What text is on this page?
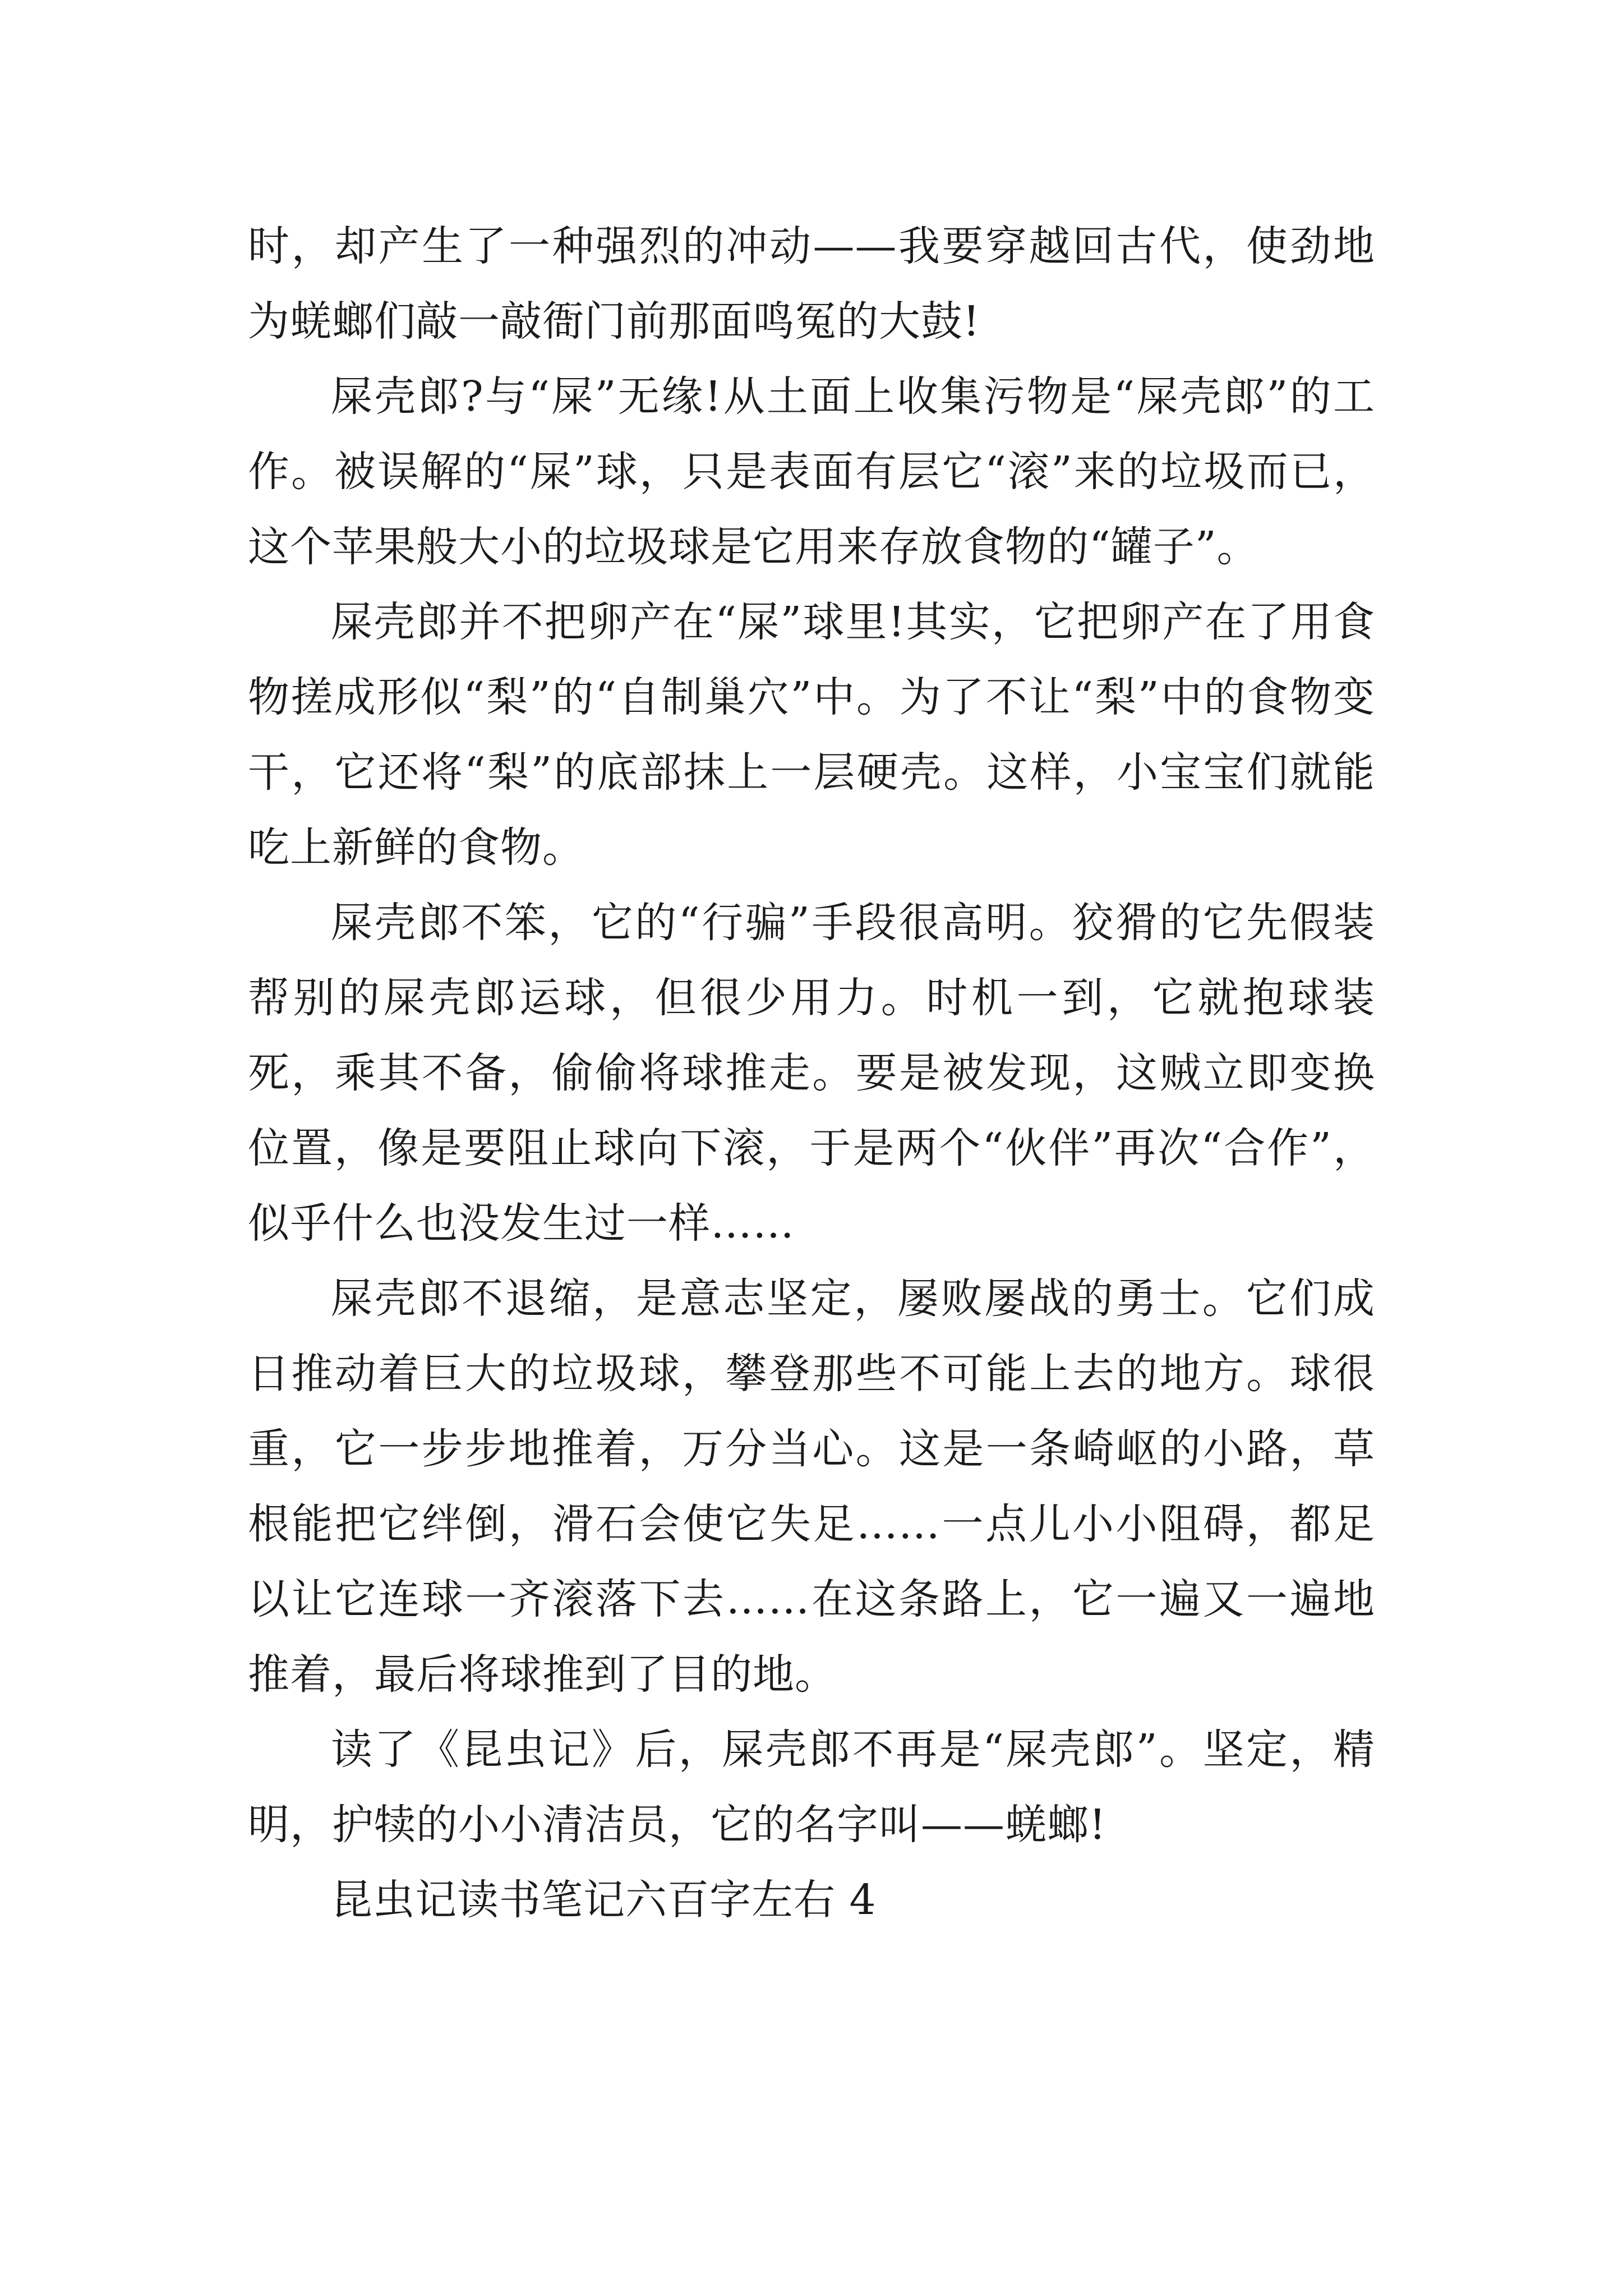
时，却产生了一种强烈的冲动——我要穿越回古代，使劲地为蜣螂们敲一敲衙门前那面鸣冤的大鼓!

屎壳郎?与“屎”无缘!从土面上收集污物是“屎壳郎”的工作。被误解的“屎”球，只是表面有层它“滚”来的垃圾而已，这个苹果般大小的垃圾球是它用来存放食物的“罐子”。

屎壳郎并不把卵产在“屎”球里!其实，它把卵产在了用食物搓成形似“梨”的“自制巢穴”中。为了不让“梨”中的食物变干，它还将“梨”的底部抹上一层硬壳。这样，小宝宝们就能吃上新鲜的食物。

屎壳郎不笨，它的“行骗”手段很高明。狡猾的它先假装帮别的屎壳郎运球，但很少用力。时机一到，它就抱球装死，乘其不备，偷偷将球推走。要是被发现，这贼立即变换位置，像是要阻止球向下滚，于是两个“伙伴”再次“合作”，似乎什么也没发生过一样……

屎壳郎不退缩，是意志坚定，屡败屡战的勇士。它们成日推动着巨大的垃圾球，攀登那些不可能上去的地方。球很重，它一步步地推着，万分当心。这是一条崎岖的小路，草根能把它绊倒，滑石会使它失足……一点儿小小阻碍，都足以让它连球一齐滚落下去……在这条路上，它一遍又一遍地推着，最后将球推到了目的地。

读了《昆虫记》后，屎壳郎不再是“屎壳郎”。坚定，精明，护犊的小小清洁员，它的名字叫——蜣螂!

昆虫记读书笔记六百字左右 4
